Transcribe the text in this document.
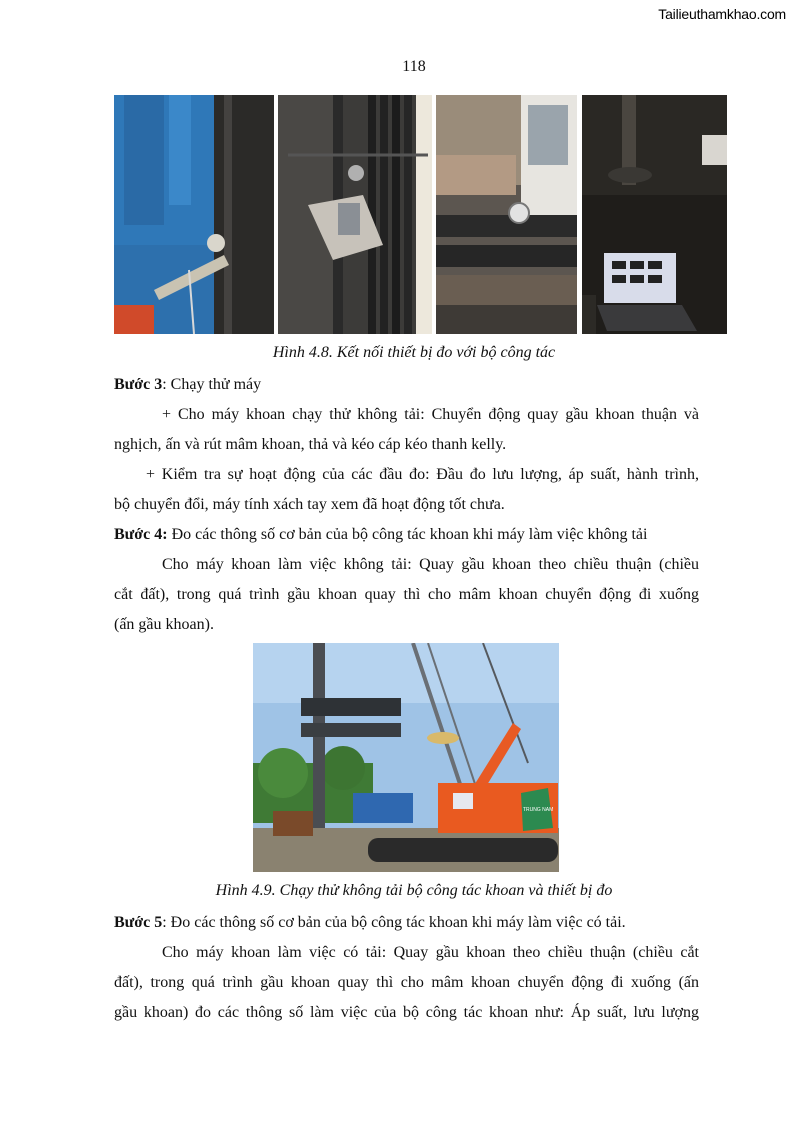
Tailieuthamkhao.com
118
Hình 4.8. Kết nối thiết bị đo với bộ công tác
Bước 3: Chạy thử máy
+ Cho máy khoan chạy thử không tải: Chuyển động quay gầu khoan thuận và
nghịch, ấn và rút mâm khoan, thả và kéo cáp kéo thanh kelly.
+ Kiểm tra sự hoạt động của các đầu đo: Đầu đo lưu lượng, áp suất, hành trình,
bộ chuyển đổi, máy tính xách tay xem đã hoạt động tốt chưa.
Bước 4: Đo các thông số cơ bản của bộ công tác khoan khi máy làm việc không tải
Cho máy khoan làm việc không tải: Quay gầu khoan theo chiều thuận (chiều
cắt đất), trong quá trình gầu khoan quay thì cho mâm khoan chuyển động đi xuống
(ấn gầu khoan).
TRUNG NAM
Hình 4.9. Chạy thử không tải bộ công tác khoan và thiết bị đo
Bước 5: Đo các thông số cơ bản của bộ công tác khoan khi máy làm việc có tải.
Cho máy khoan làm việc có tải: Quay gầu khoan theo chiều thuận (chiều cắt
đất), trong quá trình gầu khoan quay thì cho mâm khoan chuyển động đi xuống (ấn
gầu khoan) đo các thông số làm việc của bộ công tác khoan như: Áp suất, lưu lượng
